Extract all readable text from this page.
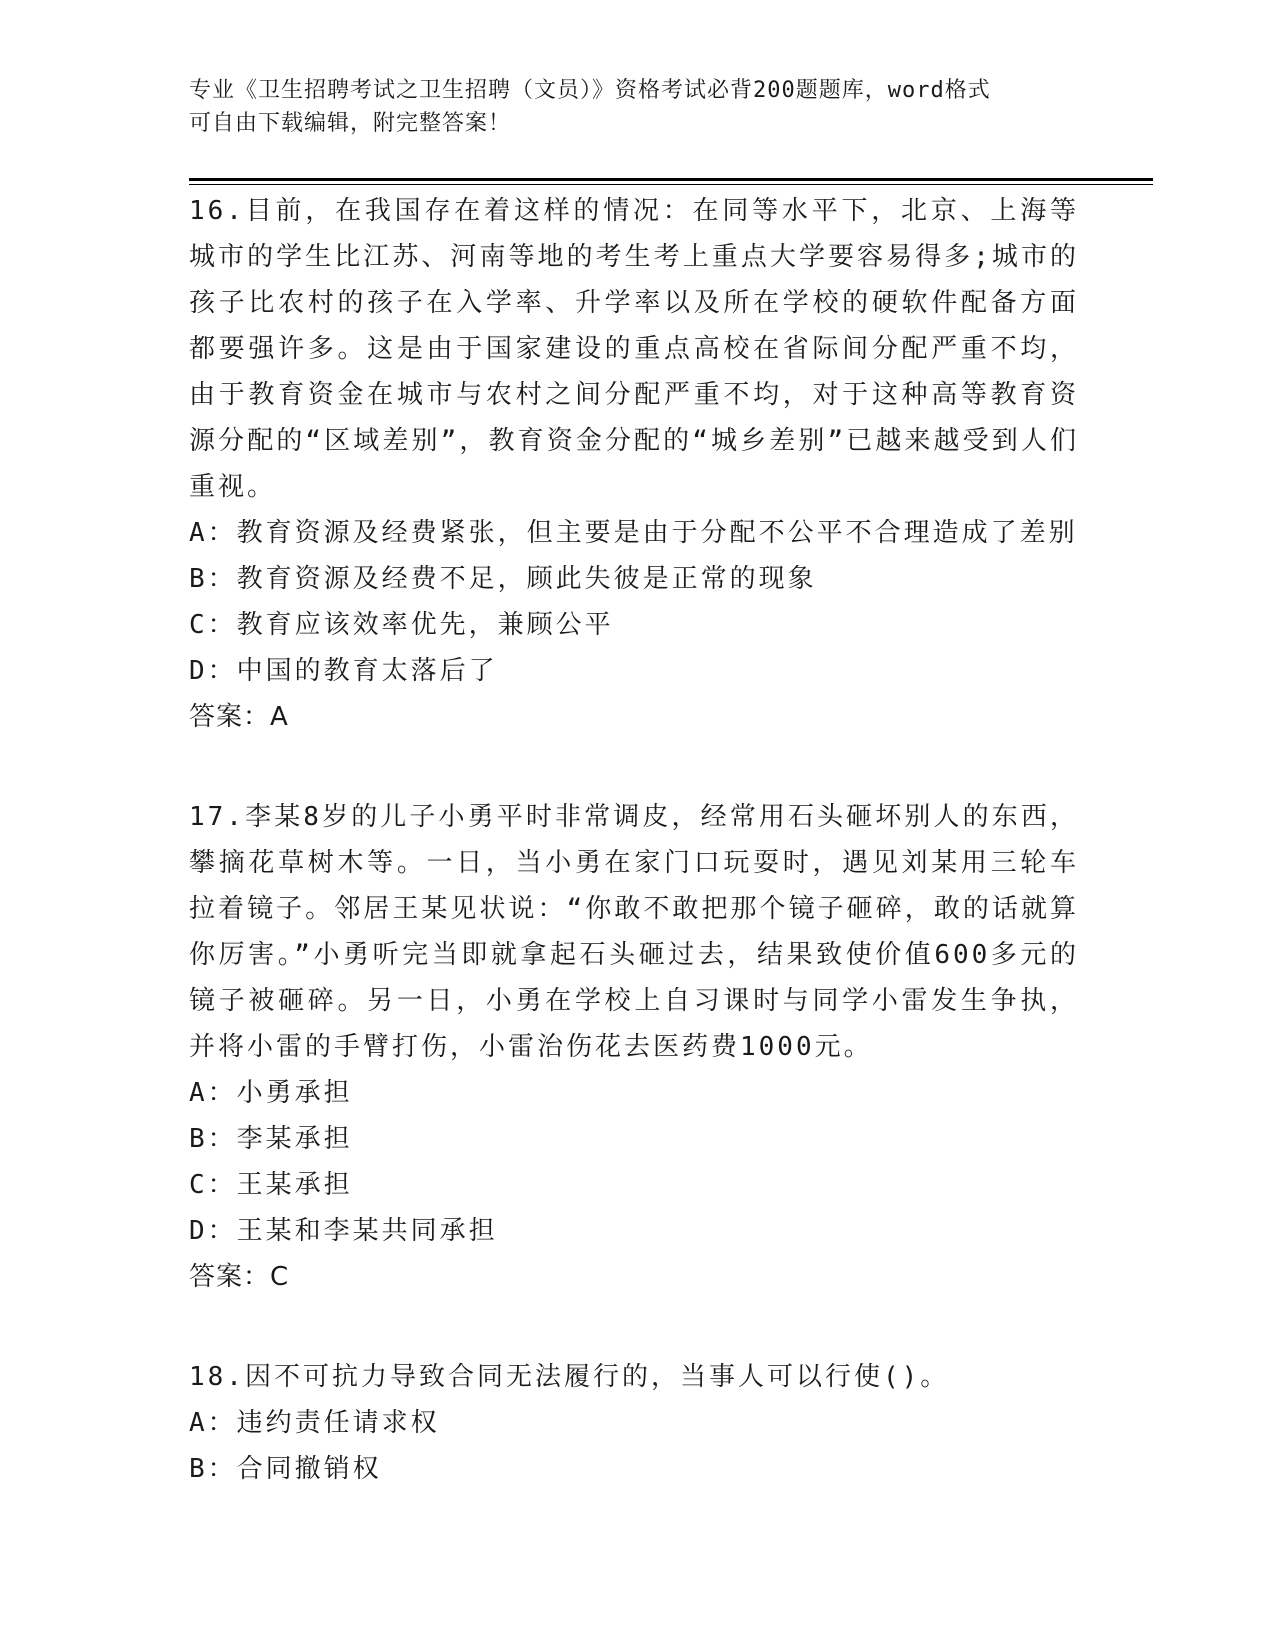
专业《卫生招聘考试之卫生招聘（文员）》资格考试必背200题题库，word格式
可自由下载编辑，附完整答案！

16.目前，在我国存在着这样的情况：在同等水平下，北京、上海等城市的学生比江苏、河南等地的考生考上重点大学要容易得多;城市的孩子比农村的孩子在入学率、升学率以及所在学校的硬软件配备方面都要强许多。这是由于国家建设的重点高校在省际间分配严重不均，由于教育资金在城市与农村之间分配严重不均，对于这种高等教育资源分配的“区域差别”，教育资金分配的“城乡差别”已越来越受到人们重视。

A：教育资源及经费紧张，但主要是由于分配不公平不合理造成了差别

B：教育资源及经费不足，顾此失彼是正常的现象

C：教育应该效率优先，兼顾公平

D：中国的教育太落后了

答案：A

17.李某8岁的儿子小勇平时非常调皮，经常用石头砸坏别人的东西，攀摘花草树木等。一日，当小勇在家门口玩耍时，遇见刘某用三轮车拉着镜子。邻居王某见状说：“你敢不敢把那个镜子砸碎，敢的话就算你厉害。”小勇听完当即就拿起石头砸过去，结果致使价值600多元的镜子被砸碎。另一日，小勇在学校上自习课时与同学小雷发生争执，并将小雷的手臂打伤，小雷治伤花去医药费1000元。

A：小勇承担

B：李某承担

C：王某承担

D：王某和李某共同承担

答案：C

18.因不可抗力导致合同无法履行的，当事人可以行使()。

A：违约责任请求权

B：合同撤销权
